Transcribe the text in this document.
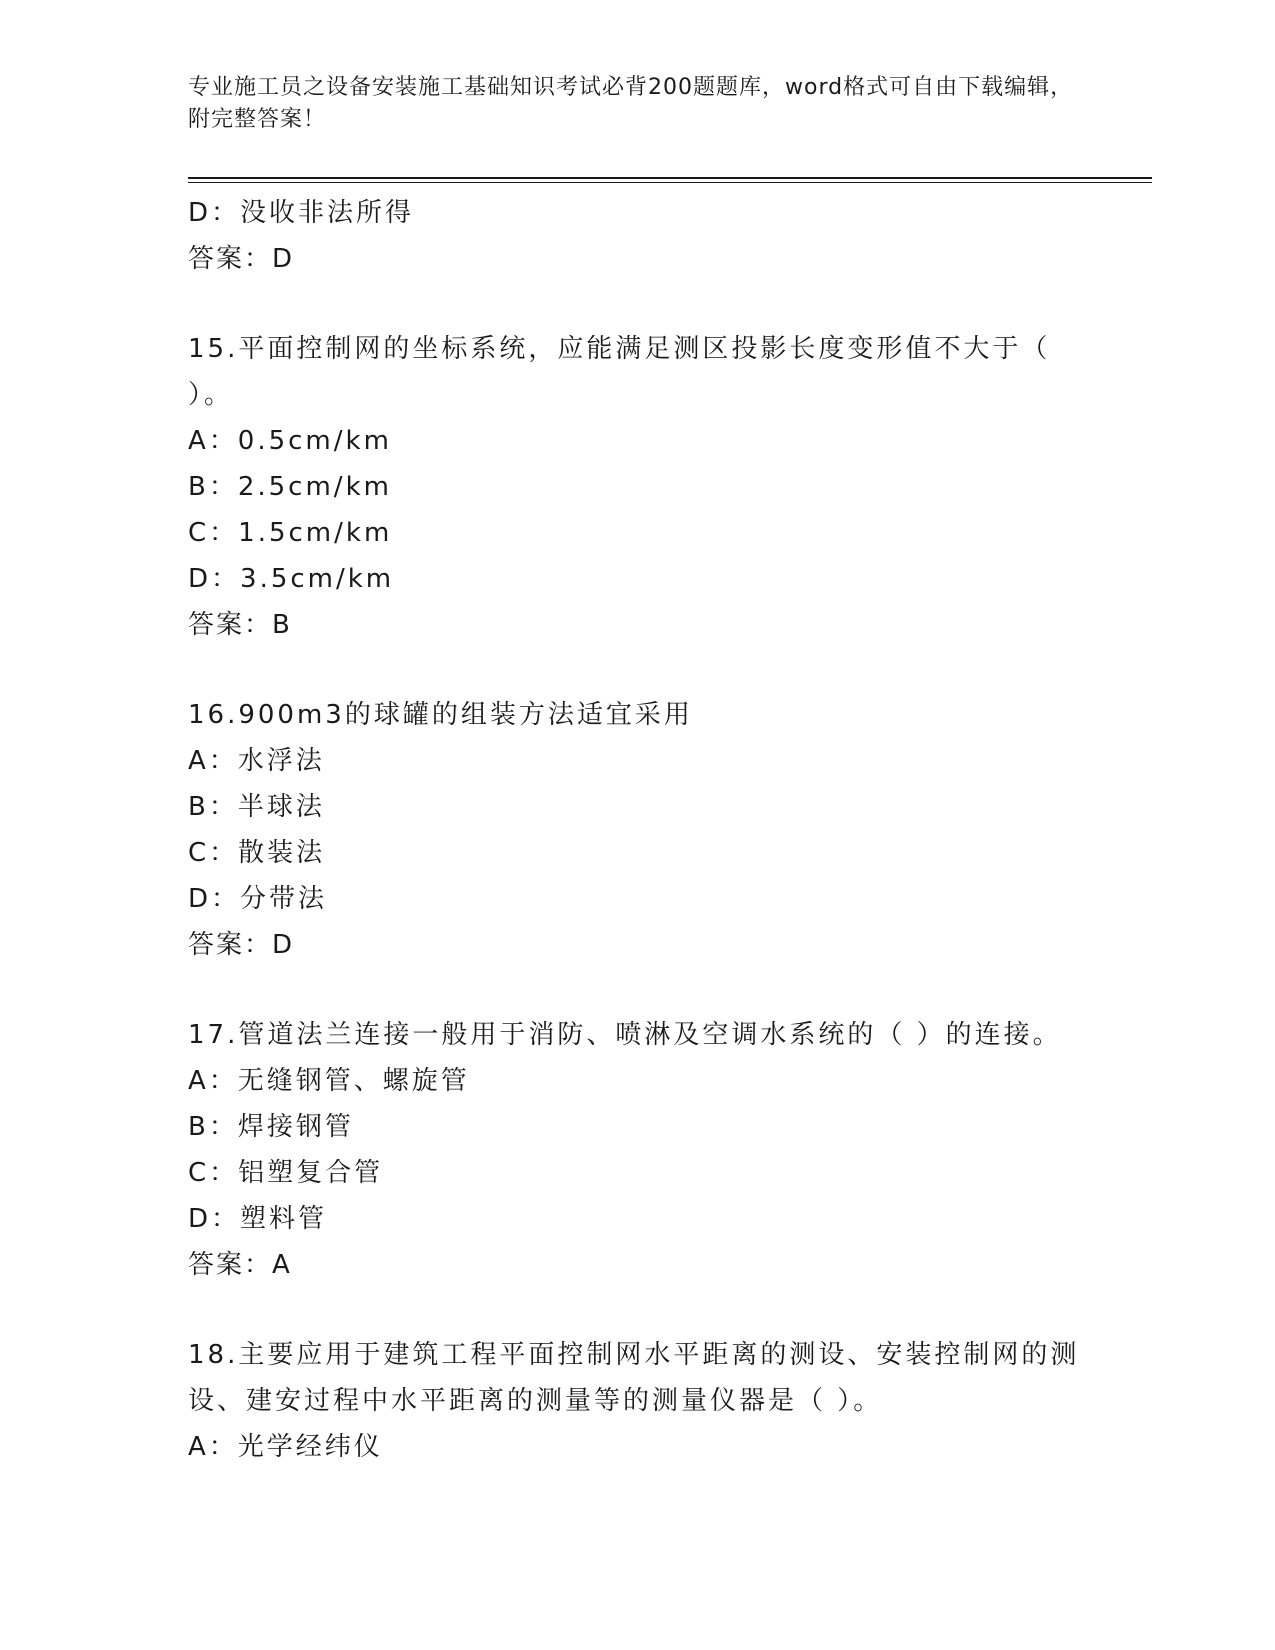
专业施工员之设备安装施工基础知识考试必背200题题库，word格式可自由下载编辑，附完整答案！
D：没收非法所得
答案：D
15.平面控制网的坐标系统，应能满足测区投影长度变形值不大于（ ）。
A：0.5cm/km
B：2.5cm/km
C：1.5cm/km
D：3.5cm/km
答案：B
16.900m3的球罐的组装方法适宜采用
A：水浮法
B：半球法
C：散装法
D：分带法
答案：D
17.管道法兰连接一般用于消防、喷淋及空调水系统的（ ）的连接。
A：无缝钢管、螺旋管
B：焊接钢管
C：铝塑复合管
D：塑料管
答案：A
18.主要应用于建筑工程平面控制网水平距离的测设、安装控制网的测设、建安过程中水平距离的测量等的测量仪器是（ ）。
A：光学经纬仪
